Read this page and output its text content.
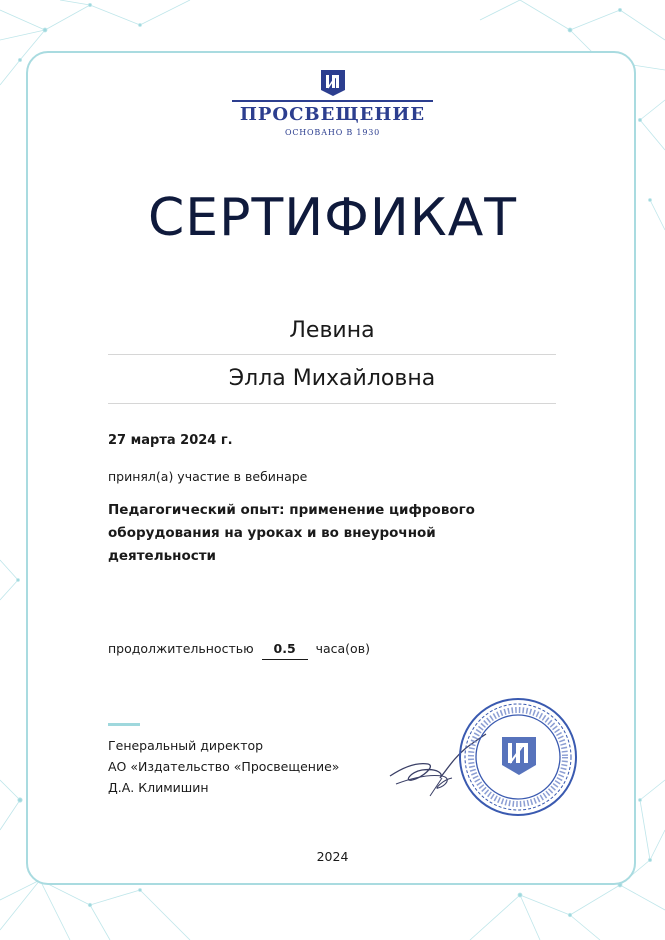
ПРОСВЕЩЕНИЕ
ОСНОВАНО В 1930
СЕРТИФИКАТ
Левина
Элла Михайловна
27 марта 2024 г.
принял(а) участие в вебинаре
Педагогический опыт: применение цифрового оборудования на уроках и во внеурочной деятельности
продолжительностью 0.5 часа(ов)
Генеральный директор
АО «Издательство «Просвещение»
Д.А. Климишин
2024
